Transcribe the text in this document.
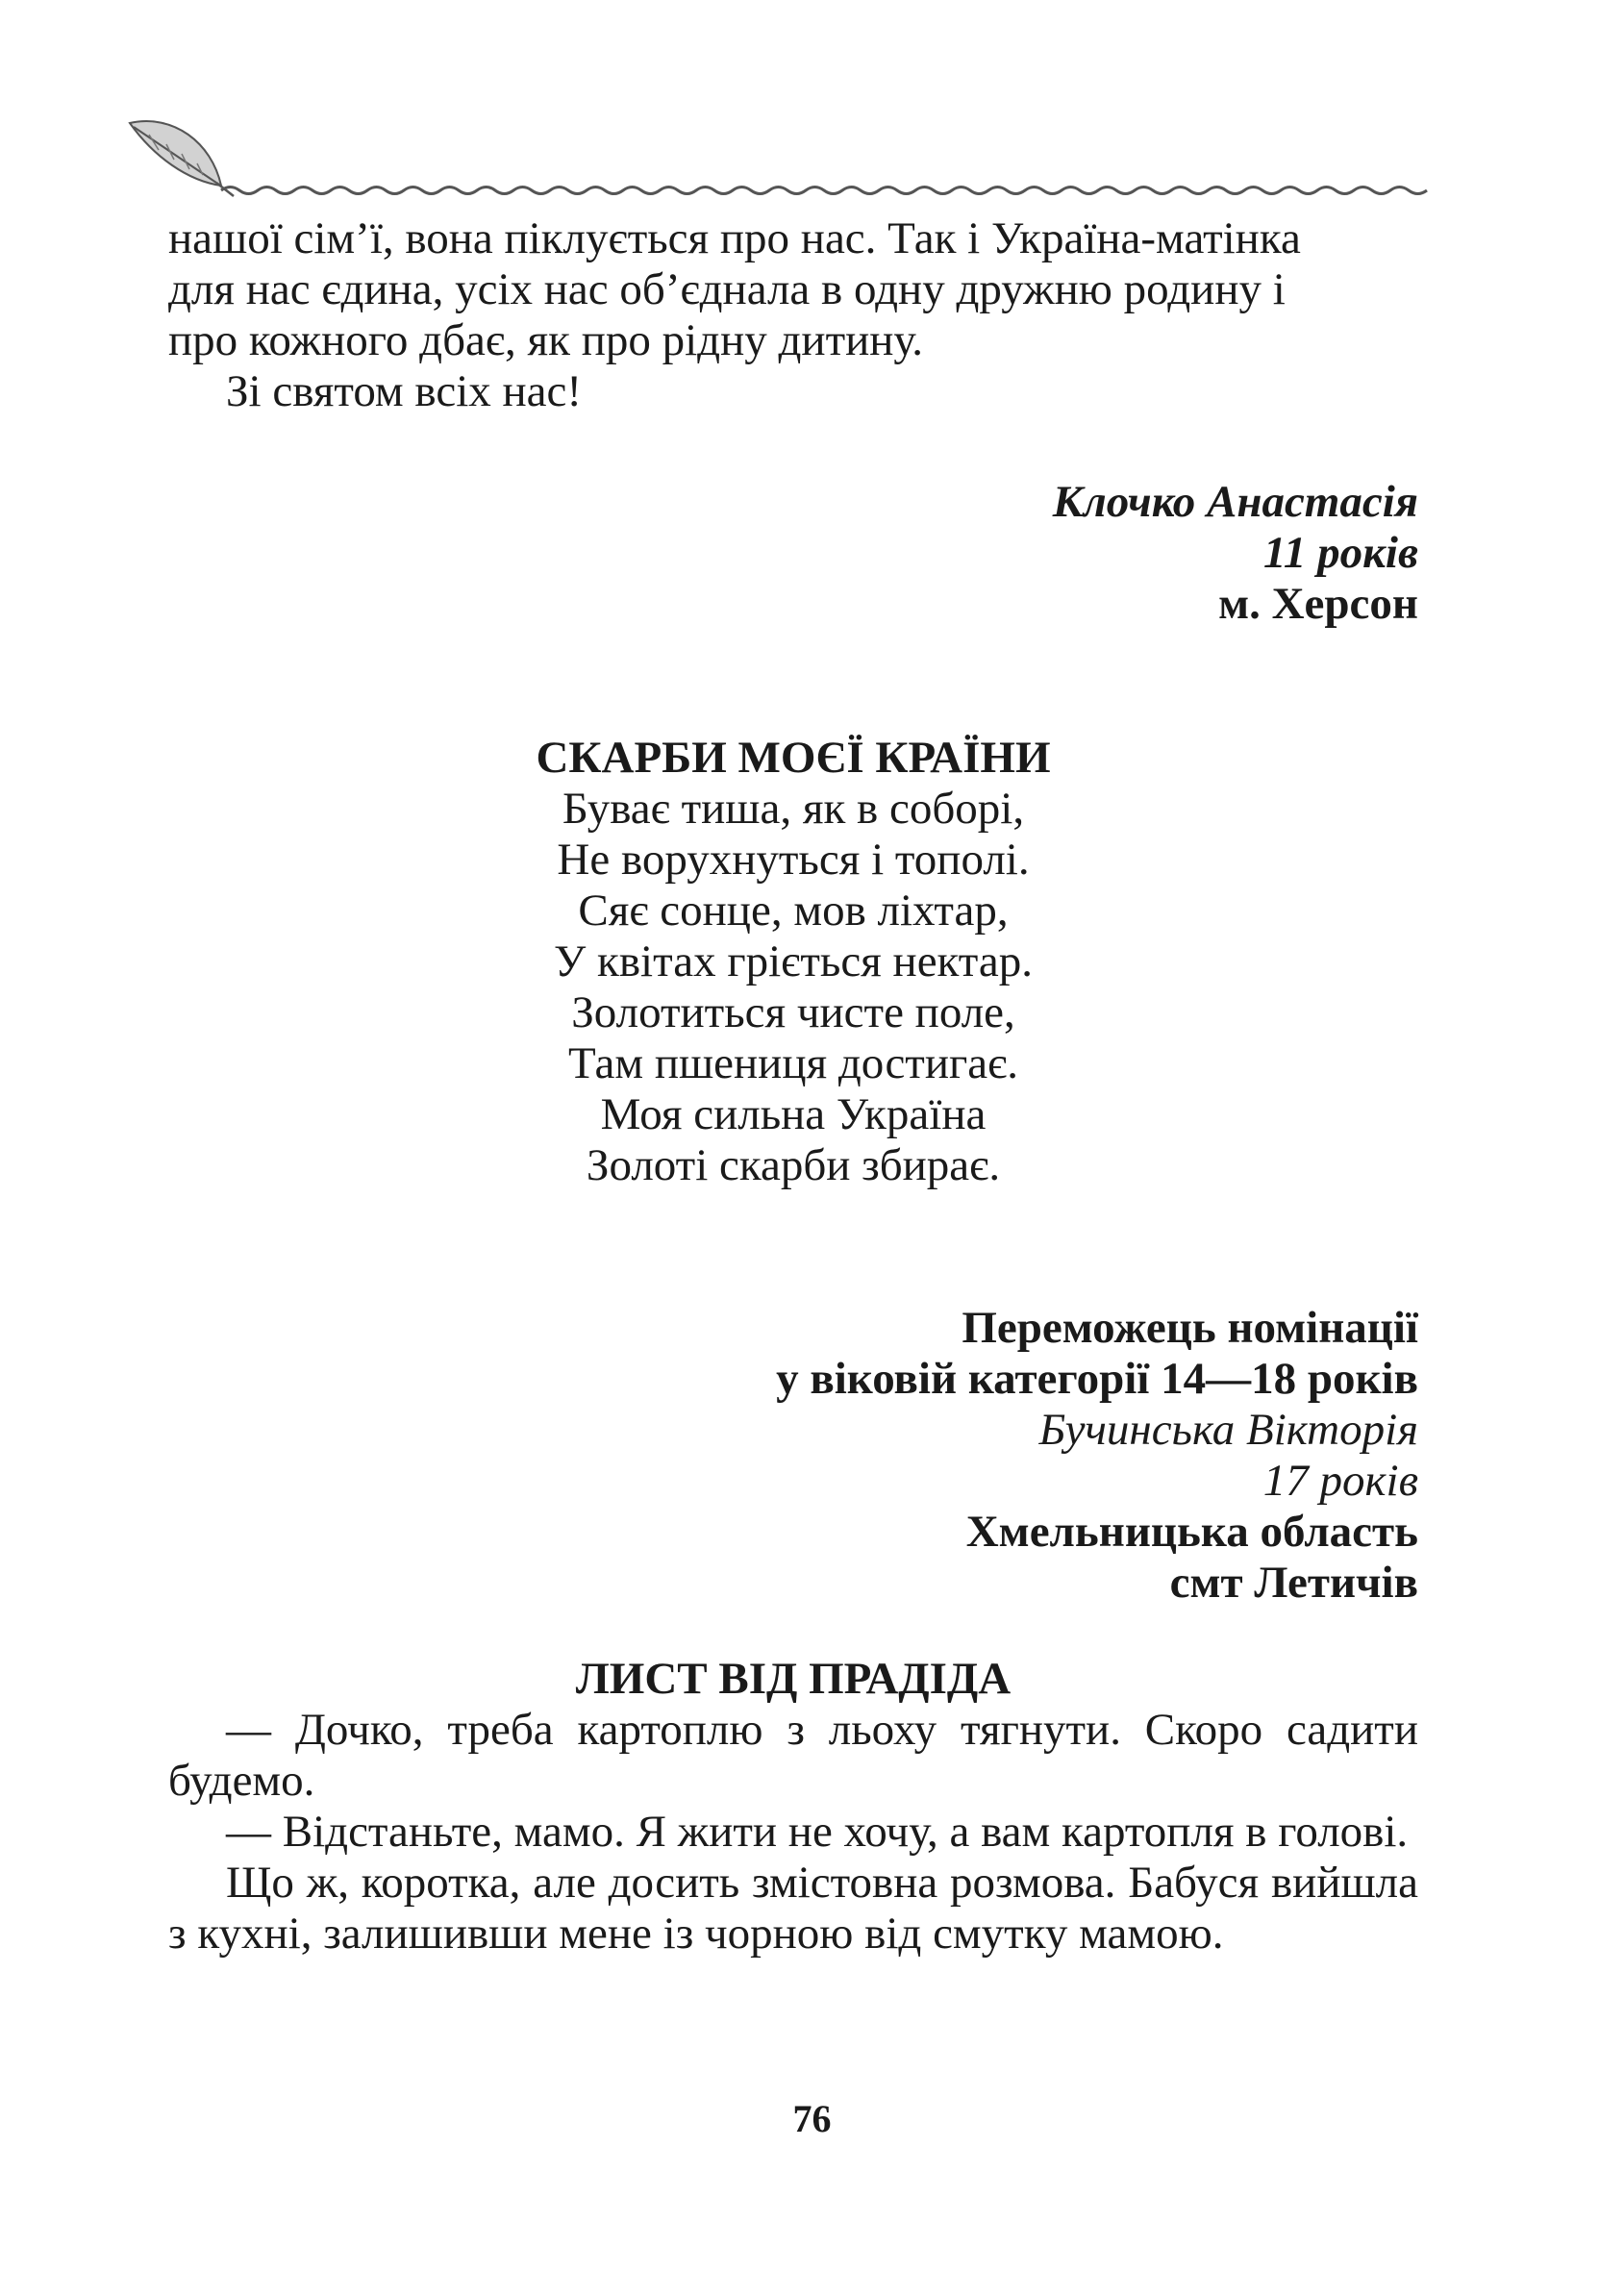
нашої сім’ї, вона піклується про нас. Так і Україна-матінка

для нас єдина, усіх нас об’єднала в одну дружню родину і

про кожного дбає, як про рідну дитину.

Зі святом всіх нас!

Клочко Анастасія

11 років

м. Херсон

СКАРБИ МОЄЇ КРАЇНИ

Буває тиша, як в соборі,

Не ворухнуться і тополі.

Сяє сонце, мов ліхтар,

У квітах гріється нектар.

Золотиться чисте поле,

Там пшениця достигає.

Моя сильна Україна

Золоті скарби збирає.

Переможець номінації

у віковій категорії 14—18 років

Бучинська Вікторія

17 років

Хмельницька область

смт Летичів

ЛИСТ ВІД ПРАДІДА

— Дочко, треба картоплю з льоху тягнути. Скоро садити будемо.

— Відстаньте, мамо. Я жити не хочу, а вам картопля в голові.

Що ж, коротка, але досить змістовна розмова. Бабуся вийшла з кухні, залишивши мене із чорною від смутку мамою.

76
